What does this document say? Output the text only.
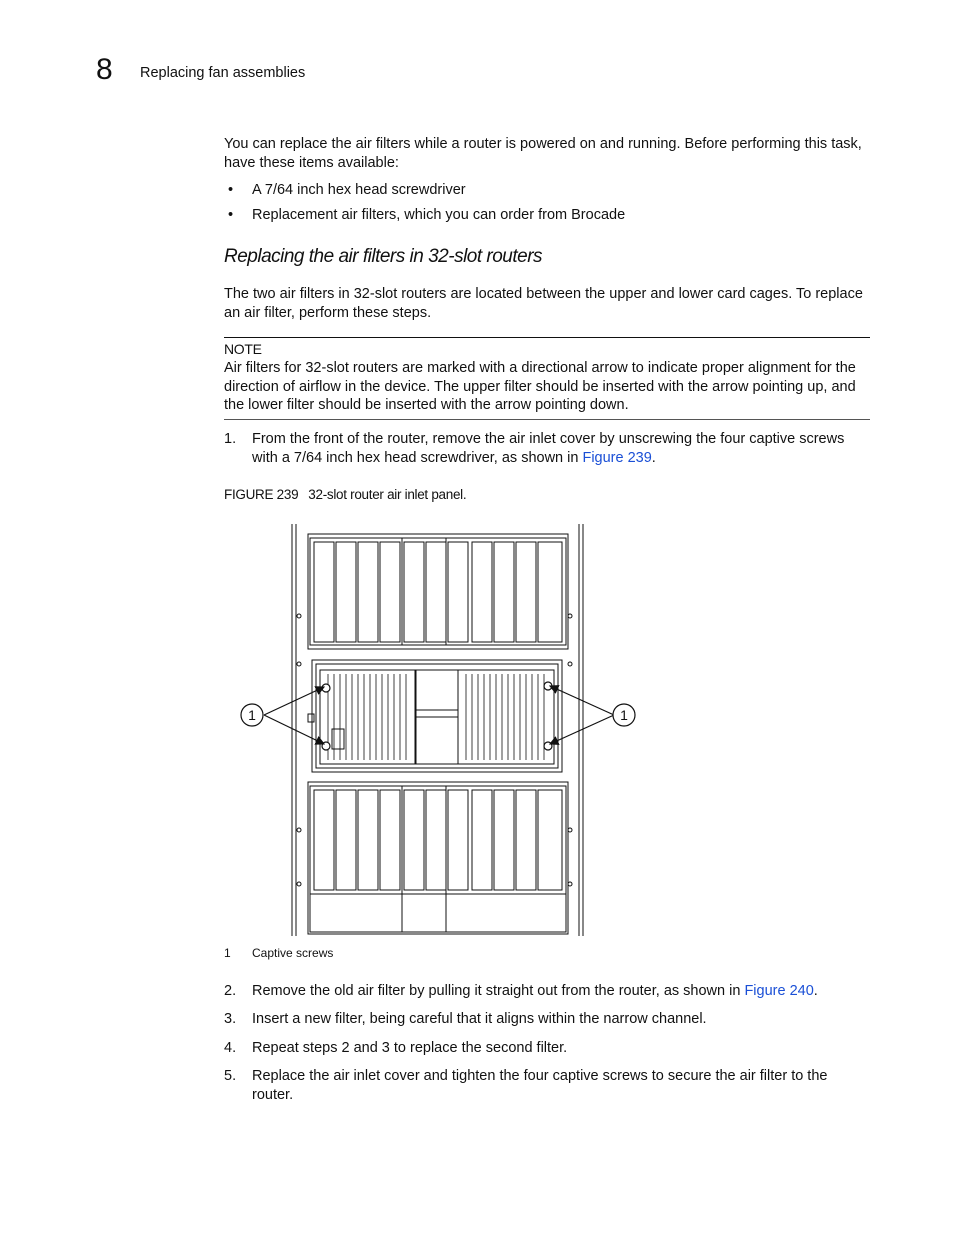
8 Replacing fan assemblies
You can replace the air filters while a router is powered on and running. Before performing this task, have these items available:
• A 7/64 inch hex head screwdriver
• Replacement air filters, which you can order from Brocade
Replacing the air filters in 32-slot routers
The two air filters in 32-slot routers are located between the upper and lower card cages. To replace an air filter, perform these steps.
NOTE
Air filters for 32-slot routers are marked with a directional arrow to indicate proper alignment for the direction of airflow in the device. The upper filter should be inserted with the arrow pointing up, and the lower filter should be inserted with the arrow pointing down.
1. From the front of the router, remove the air inlet cover by unscrewing the four captive screws with a 7/64 inch hex head screwdriver, as shown in Figure 239.
FIGURE 239 32-slot router air inlet panel.
1	1
1 Captive screws
2. Remove the old air filter by pulling it straight out from the router, as shown in Figure 240.
3. Insert a new filter, being careful that it aligns within the narrow channel.
4. Repeat steps 2 and 3 to replace the second filter.
5. Replace the air inlet cover and tighten the four captive screws to secure the air filter to the router.
